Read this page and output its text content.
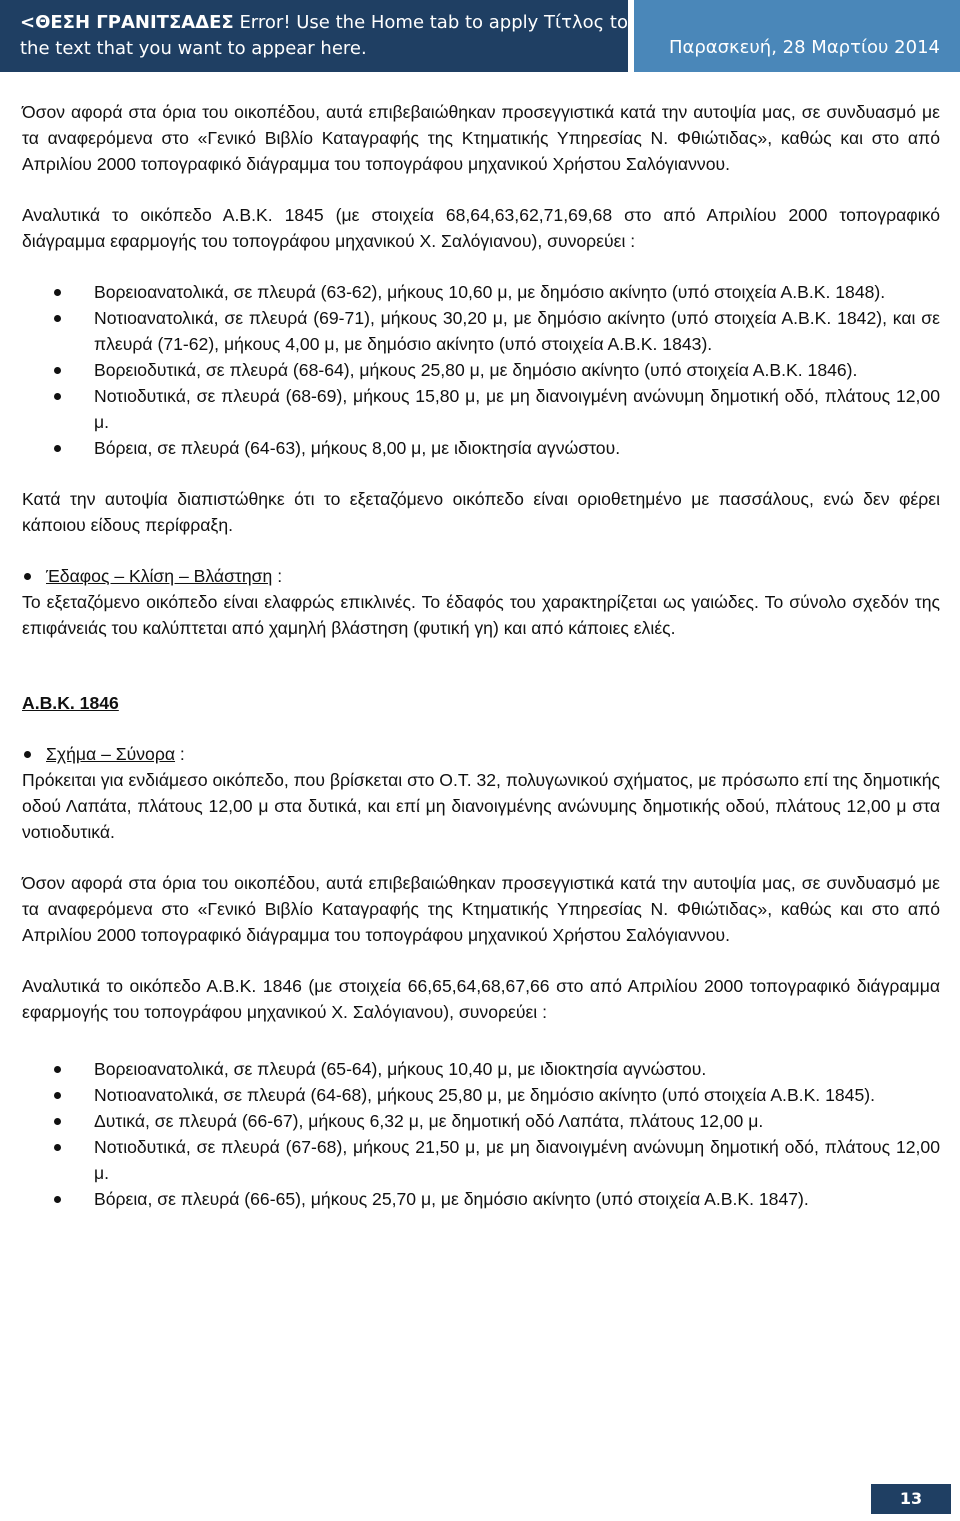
<ΘΕΣΗ ΓΡΑΝΙΤΣΑΔΕΣ Error! Use the Home tab to apply Τίτλος to
the text that you want to appear here.	Παρασκευή, 28 Μαρτίου 2014

Όσον αφορά στα όρια του οικοπέδου, αυτά επιβεβαιώθηκαν προσεγγιστικά κατά την αυτοψία μας, σε συνδυασμό με τα αναφερόμενα στο «Γενικό Βιβλίο Καταγραφής της Κτηματικής Υπηρεσίας Ν. Φθιώτιδας», καθώς και στο από Απριλίου 2000 τοπογραφικό διάγραμμα του τοπογράφου μηχανικού Χρήστου Σαλόγιαννου.

Αναλυτικά το οικόπεδο Α.Β.Κ. 1845 (με στοιχεία 68,64,63,62,71,69,68 στο από Απριλίου 2000 τοπογραφικό διάγραμμα εφαρμογής του τοπογράφου μηχανικού Χ. Σαλόγιανου), συνορεύει :

Βορειοανατολικά, σε πλευρά (63-62), μήκους 10,60 μ, με δημόσιο ακίνητο (υπό στοιχεία Α.Β.Κ. 1848).
Νοτιοανατολικά, σε πλευρά (69-71), μήκους 30,20 μ, με δημόσιο ακίνητο (υπό στοιχεία Α.Β.Κ. 1842), και σε πλευρά (71-62), μήκους 4,00 μ, με δημόσιο ακίνητο (υπό στοιχεία Α.Β.Κ. 1843).
Βορειοδυτικά, σε πλευρά (68-64), μήκους 25,80 μ, με δημόσιο ακίνητο (υπό στοιχεία Α.Β.Κ. 1846).
Νοτιοδυτικά, σε πλευρά (68-69), μήκους 15,80 μ, με μη διανοιγμένη ανώνυμη δημοτική οδό, πλάτους 12,00 μ.
Βόρεια, σε πλευρά (64-63), μήκους 8,00 μ, με ιδιοκτησία αγνώστου.

Κατά την αυτοψία διαπιστώθηκε ότι το εξεταζόμενο οικόπεδο είναι οριοθετημένο με πασσάλους, ενώ δεν φέρει κάποιου είδους περίφραξη.

Έδαφος – Κλίση – Βλάστηση :

Το εξεταζόμενο οικόπεδο είναι ελαφρώς επικλινές. Το έδαφός του χαρακτηρίζεται ως γαιώδες. Το σύνολο σχεδόν της επιφάνειάς του καλύπτεται από χαμηλή βλάστηση (φυτική γη) και από κάποιες ελιές.

Α.Β.Κ. 1846

Σχήμα – Σύνορα :

Πρόκειται για ενδιάμεσο οικόπεδο, που βρίσκεται στο Ο.Τ. 32, πολυγωνικού σχήματος, με πρόσωπο επί της δημοτικής οδού Λαπάτα, πλάτους 12,00 μ στα δυτικά, και επί μη διανοιγμένης ανώνυμης δημοτικής οδού, πλάτους 12,00 μ στα νοτιοδυτικά.

Όσον αφορά στα όρια του οικοπέδου, αυτά επιβεβαιώθηκαν προσεγγιστικά κατά την αυτοψία μας, σε συνδυασμό με τα αναφερόμενα στο «Γενικό Βιβλίο Καταγραφής της Κτηματικής Υπηρεσίας Ν. Φθιώτιδας», καθώς και στο από Απριλίου 2000 τοπογραφικό διάγραμμα του τοπογράφου μηχανικού Χρήστου Σαλόγιαννου.

Αναλυτικά το οικόπεδο Α.Β.Κ. 1846 (με στοιχεία 66,65,64,68,67,66 στο από Απριλίου 2000 τοπογραφικό διάγραμμα εφαρμογής του τοπογράφου μηχανικού Χ. Σαλόγιανου), συνορεύει :

Βορειοανατολικά, σε πλευρά (65-64), μήκους 10,40 μ, με ιδιοκτησία αγνώστου.
Νοτιοανατολικά, σε πλευρά (64-68), μήκους 25,80 μ, με δημόσιο ακίνητο (υπό στοιχεία Α.Β.Κ. 1845).
Δυτικά, σε πλευρά (66-67), μήκους 6,32 μ, με δημοτική οδό Λαπάτα, πλάτους 12,00 μ.
Νοτιοδυτικά, σε πλευρά (67-68), μήκους 21,50 μ, με μη διανοιγμένη ανώνυμη δημοτική οδό, πλάτους 12,00 μ.
Βόρεια, σε πλευρά (66-65), μήκους 25,70 μ, με δημόσιο ακίνητο (υπό στοιχεία Α.Β.Κ. 1847).
13
